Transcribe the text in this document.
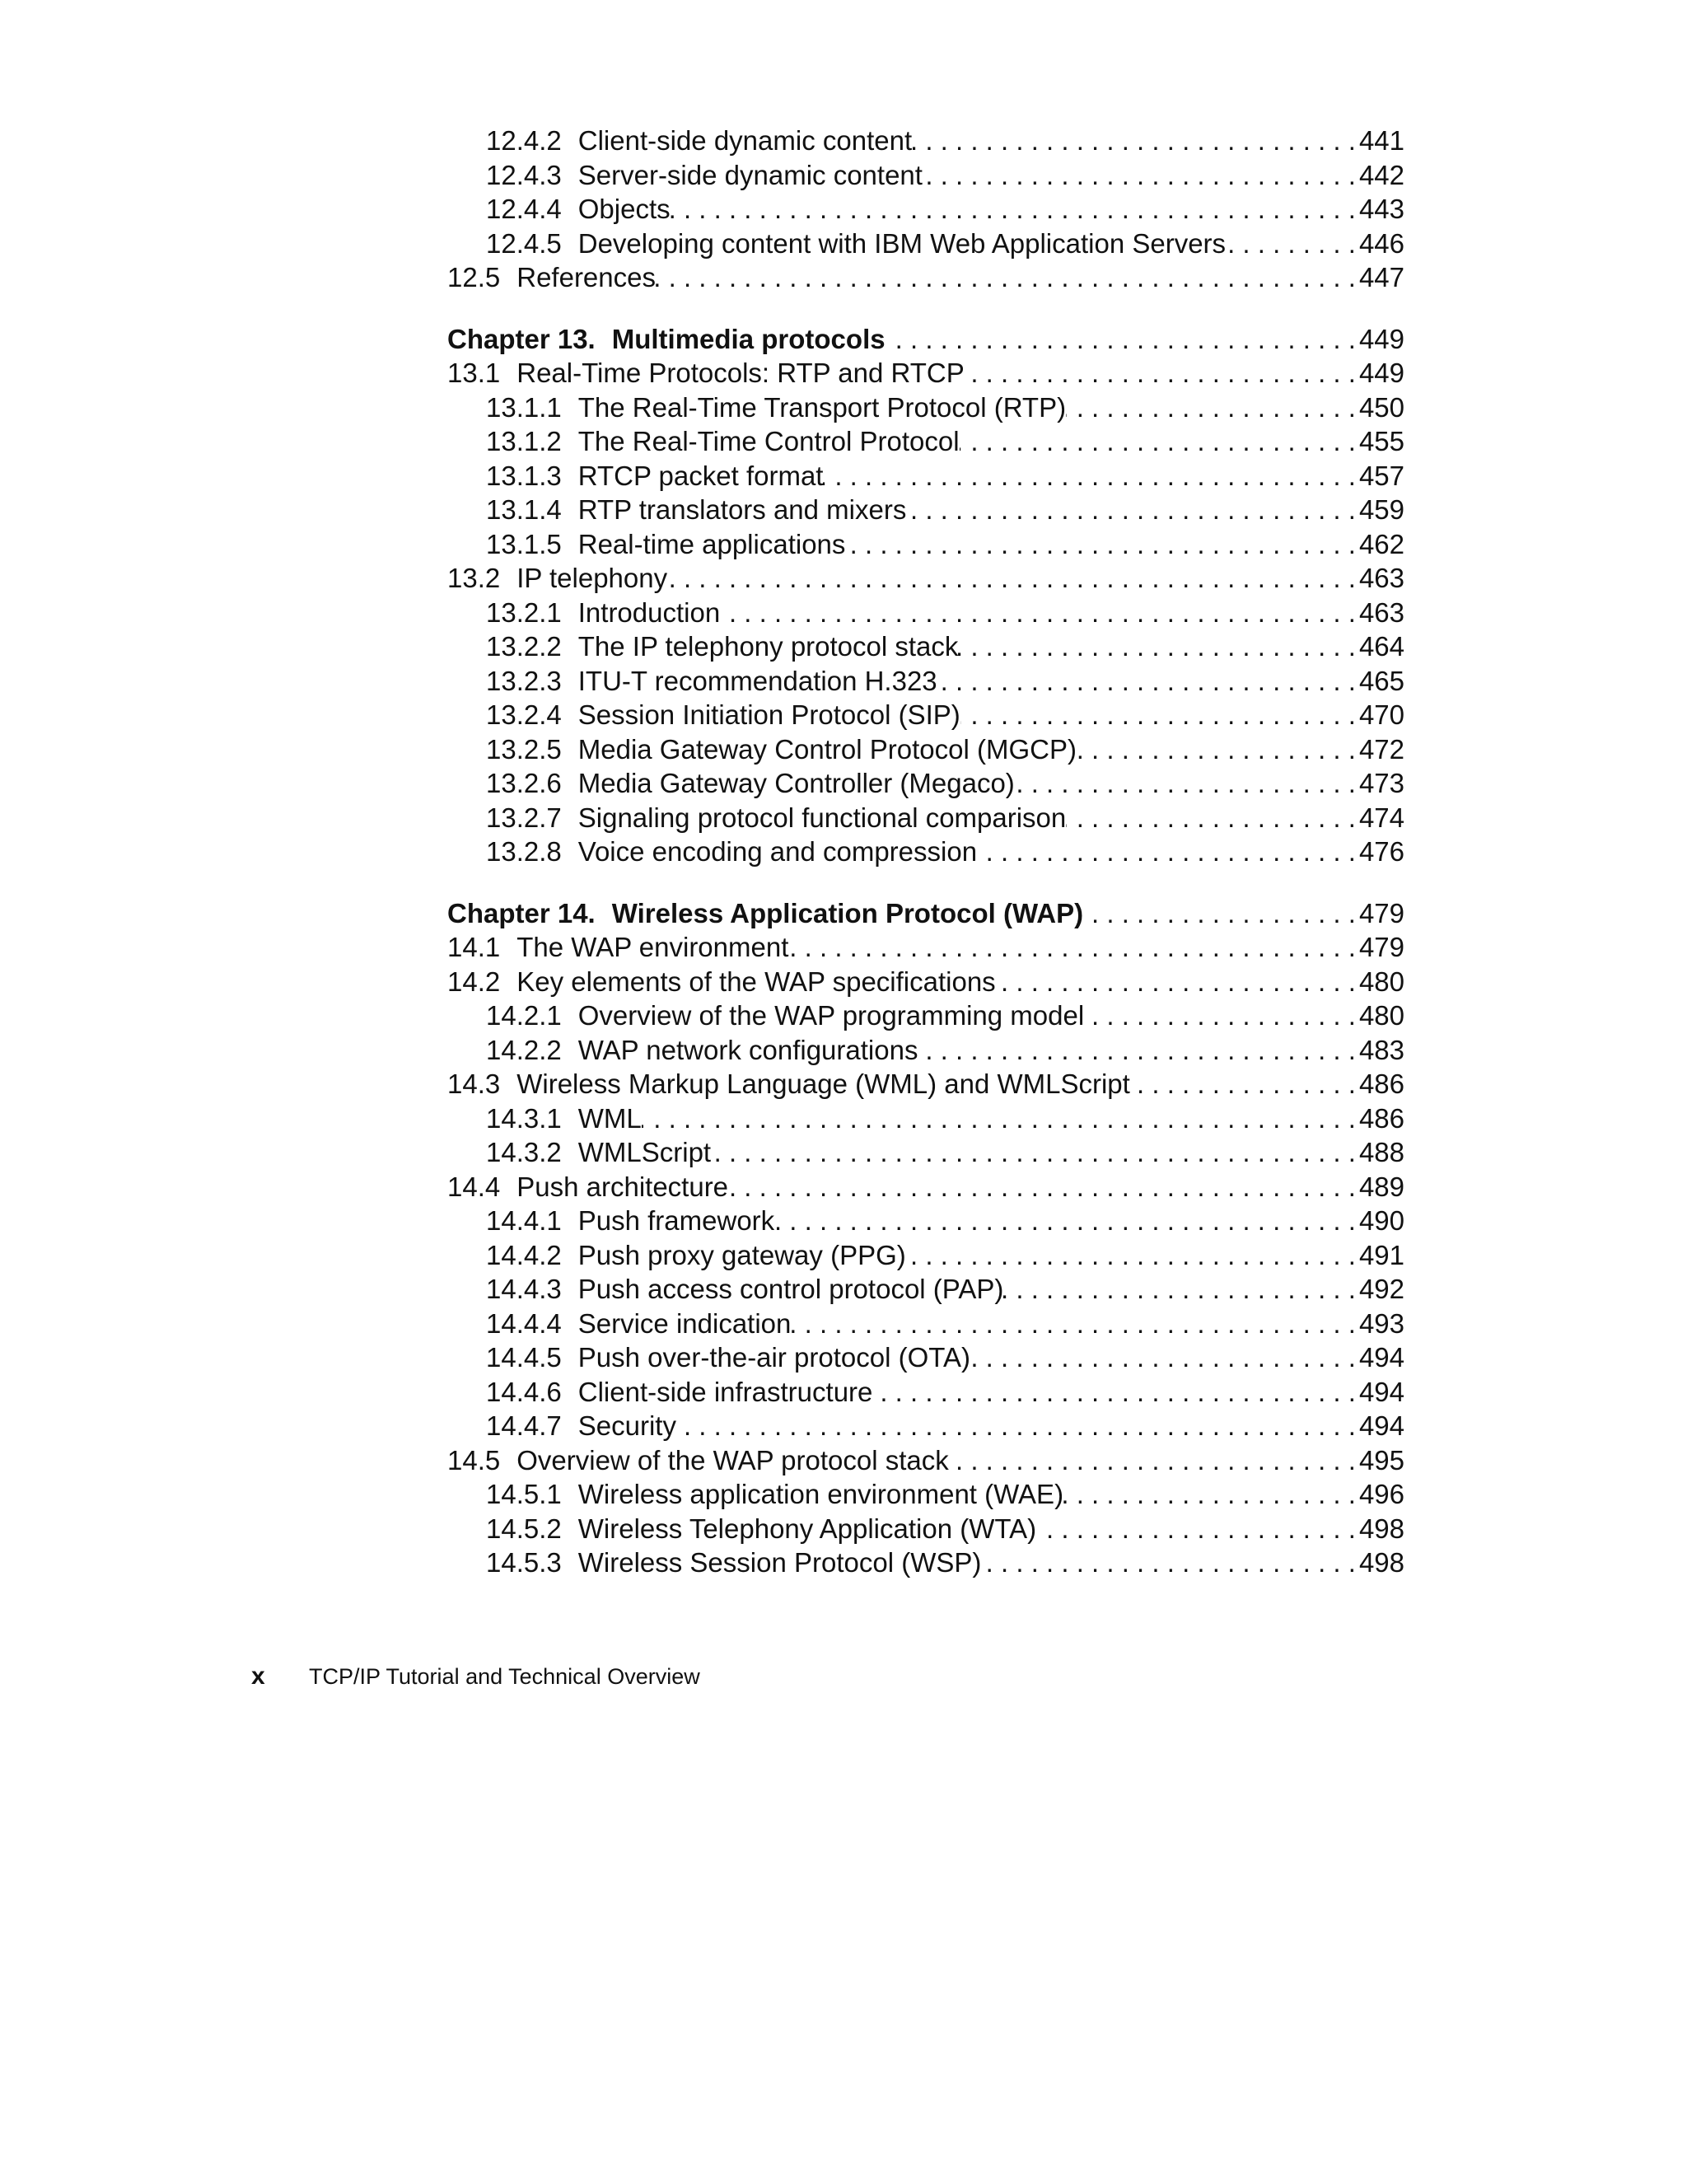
12.4.2 Client-side dynamic content . . .	441
12.4.3 Server-side dynamic content . . .	442
12.4.4 Objects . . .	443
12.4.5 Developing content with IBM Web Application Servers . . .	446
12.5 References . . .	447
Chapter 13. Multimedia protocols . . .	449
13.1 Real-Time Protocols: RTP and RTCP . . .	449
13.1.1 The Real-Time Transport Protocol (RTP) . . .	450
13.1.2 The Real-Time Control Protocol . . .	455
13.1.3 RTCP packet format . . .	457
13.1.4 RTP translators and mixers . . .	459
13.1.5 Real-time applications . . .	462
13.2 IP telephony . . .	463
13.2.1 Introduction . . .	463
13.2.2 The IP telephony protocol stack . . .	464
13.2.3 ITU-T recommendation H.323 . . .	465
13.2.4 Session Initiation Protocol (SIP) . . .	470
13.2.5 Media Gateway Control Protocol (MGCP) . . .	472
13.2.6 Media Gateway Controller (Megaco) . . .	473
13.2.7 Signaling protocol functional comparison . . .	474
13.2.8 Voice encoding and compression . . .	476
Chapter 14. Wireless Application Protocol (WAP) . . .	479
14.1 The WAP environment . . .	479
14.2 Key elements of the WAP specifications . . .	480
14.2.1 Overview of the WAP programming model . . .	480
14.2.2 WAP network configurations . . .	483
14.3 Wireless Markup Language (WML) and WMLScript . . .	486
14.3.1 WML . . .	486
14.3.2 WMLScript . . .	488
14.4 Push architecture . . .	489
14.4.1 Push framework . . .	490
14.4.2 Push proxy gateway (PPG) . . .	491
14.4.3 Push access control protocol (PAP) . . .	492
14.4.4 Service indication . . .	493
14.4.5 Push over-the-air protocol (OTA) . . .	494
14.4.6 Client-side infrastructure . . .	494
14.4.7 Security . . .	494
14.5 Overview of the WAP protocol stack . . .	495
14.5.1 Wireless application environment (WAE) . . .	496
14.5.2 Wireless Telephony Application (WTA) . . .	498
14.5.3 Wireless Session Protocol (WSP) . . .	498
x	TCP/IP Tutorial and Technical Overview
